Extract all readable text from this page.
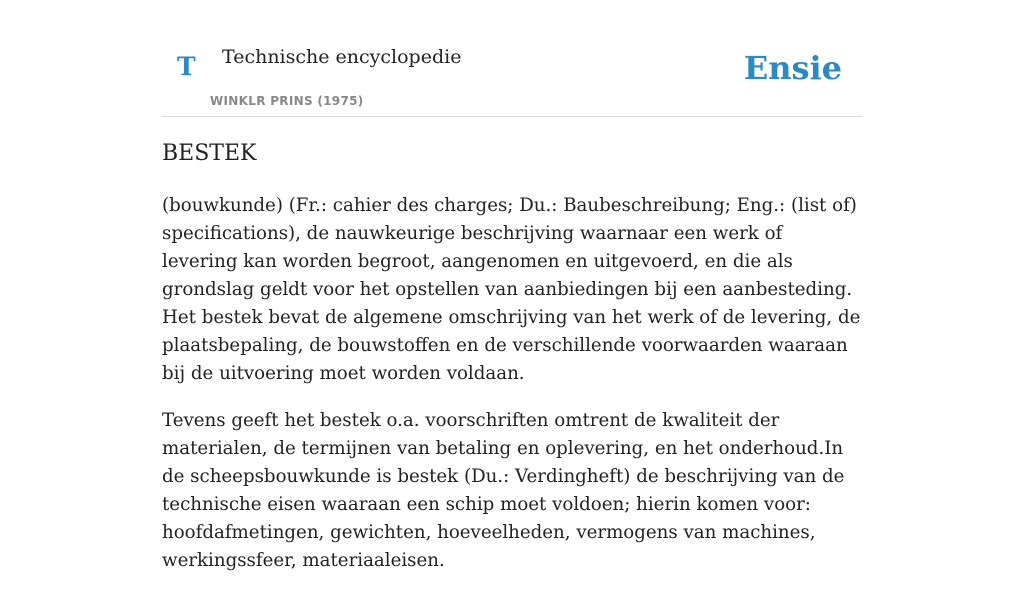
T Technische encyclopedie
WINKLR PRINS (1975)
Ensie
BESTEK

(bouwkunde) (Fr.: cahier des charges; Du.: Baubeschreibung; Eng.: (list of) specifications), de nauwkeurige beschrijving waarnaar een werk of levering kan worden begroot, aangenomen en uitgevoerd, en die als grondslag geldt voor het opstellen van aanbiedingen bij een aanbesteding. Het bestek bevat de algemene omschrijving van het werk of de levering, de plaatsbepaling, de bouwstoffen en de verschillende voorwaarden waaraan bij de uitvoering moet worden voldaan.

Tevens geeft het bestek o.a. voorschriften omtrent de kwaliteit der materialen, de termijnen van betaling en oplevering, en het onderhoud.In de scheepsbouwkunde is bestek (Du.: Verdingheft) de beschrijving van de technische eisen waaraan een schip moet voldoen; hierin komen voor: hoofdafmetingen, gewichten, hoeveelheden, vermogens van machines, werkingssfeer, materiaaleisen.
